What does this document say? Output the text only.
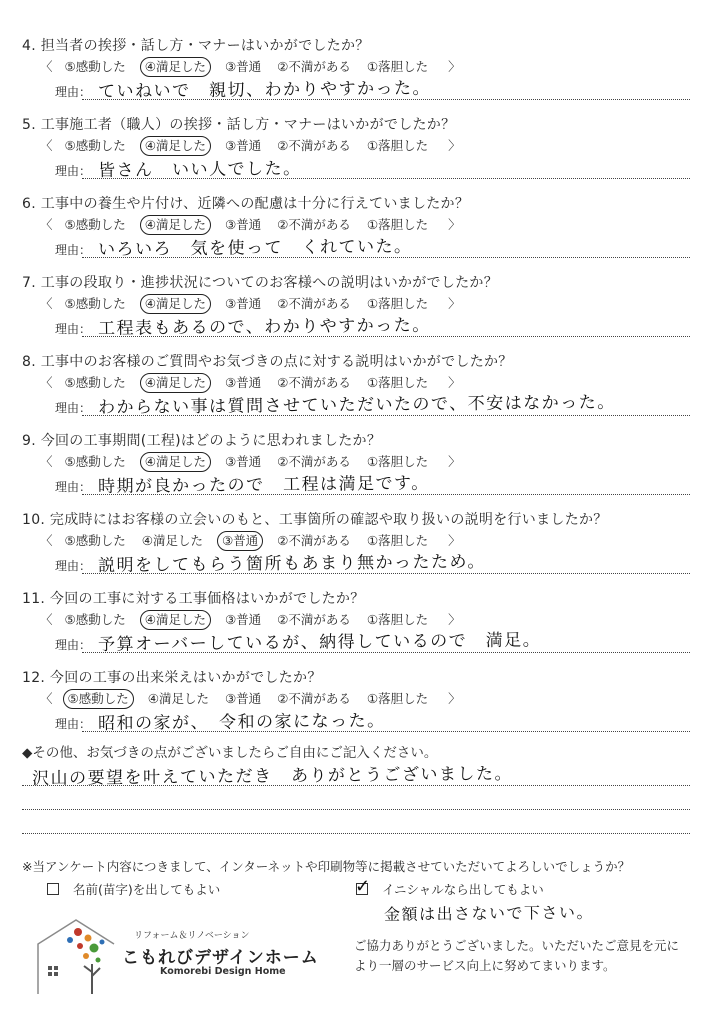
4. 担当者の挨拶・話し方・マナーはいかがでしたか？
〈 ⑤感動した	④満足した	③普通 ②不満がある ①落胆した 〉
理由： ていねいで　親切、わかりやすかった。
5. 工事施工者（職人）の挨拶・話し方・マナーはいかがでしたか？
〈 ⑤感動した	④満足した	③普通 ②不満がある ①落胆した 〉
理由： 皆さん　いい人でした。
6. 工事中の養生や片付け、近隣への配慮は十分に行えていましたか？
〈 ⑤感動した	④満足した	③普通 ②不満がある ①落胆した 〉
理由： いろいろ　気を使って　くれていた。
7. 工事の段取り・進捗状況についてのお客様への説明はいかがでしたか？
〈 ⑤感動した	④満足した	③普通 ②不満がある ①落胆した 〉
理由： 工程表もあるので、わかりやすかった。
8. 工事中のお客様のご質問やお気づきの点に対する説明はいかがでしたか？
〈 ⑤感動した	④満足した	③普通 ②不満がある ①落胆した 〉
理由： わからない事は質問させていただいたので、不安はなかった。
9. 今回の工事期間(工程)はどのように思われましたか？
〈 ⑤感動した	④満足した	③普通 ②不満がある ①落胆した 〉
理由： 時期が良かったので　工程は満足です。
10. 完成時にはお客様の立会いのもと、工事箇所の確認や取り扱いの説明を行いましたか？
〈 ⑤感動した ④満足した	③普通	②不満がある ①落胆した 〉
理由： 説明をしてもらう箇所もあまり無かったため。
11. 今回の工事に対する工事価格はいかがでしたか？
〈 ⑤感動した	④満足した	③普通 ②不満がある ①落胆した 〉
理由： 予算オーバーしているが、納得しているので　満足。
12. 今回の工事の出来栄えはいかがでしたか？
〈	⑤感動した	④満足した ③普通 ②不満がある ①落胆した 〉
理由： 昭和の家が、　令和の家になった。
◆その他、お気づきの点がございましたらご自由にご記入ください。
沢山の要望を叶えていただき　ありがとうございました。
※当アンケート内容につきまして、インターネットや印刷物等に掲載させていただいてよろしいでしょうか？
名前(苗字)を出してもよい	✓ イニシャルなら出してもよい
金額は出さないで下さい。
リフォーム＆リノベーション
こもれびデザインホーム
Komorebi Design Home
ご協力ありがとうございました。いただいたご意見を元に
より一層のサービス向上に努めてまいります。
